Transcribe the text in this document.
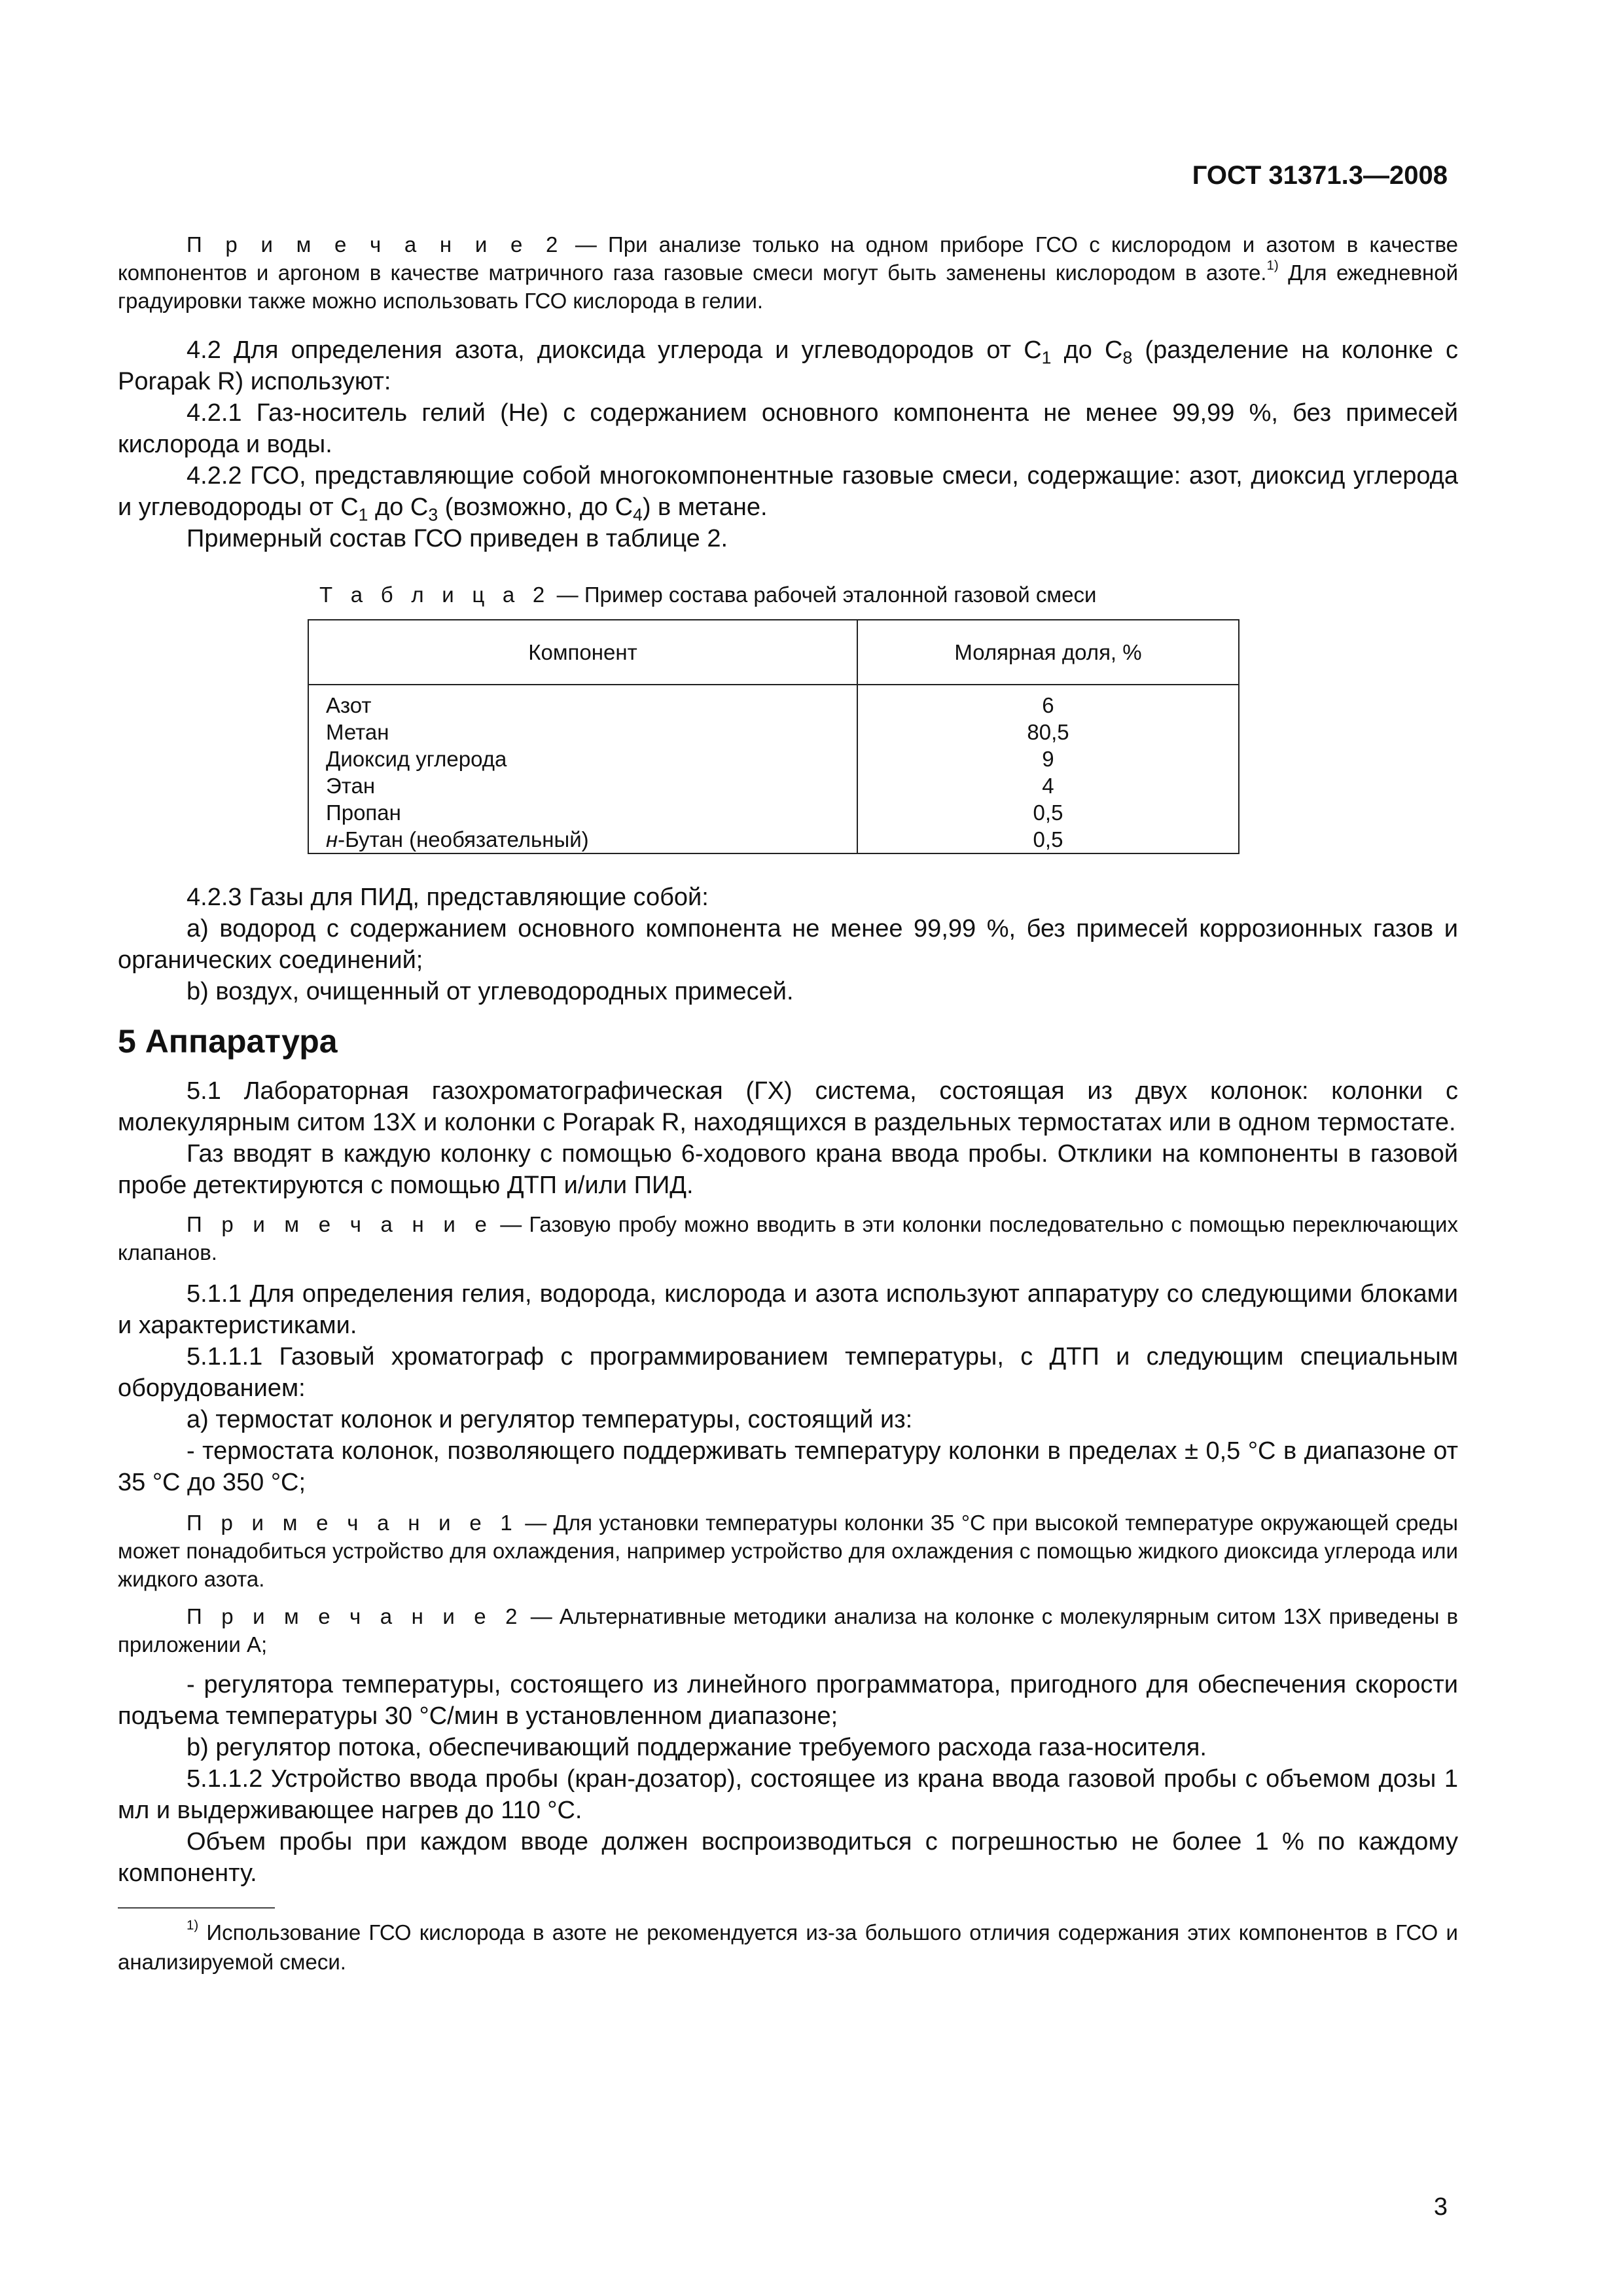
ГОСТ 31371.3—2008

П р и м е ч а н и е 2 — При анализе только на одном приборе ГСО с кислородом и азотом в качестве компонентов и аргоном в качестве матричного газа газовые смеси могут быть заменены кислородом в азоте.$^{1)}$ Для ежедневной градуировки также можно использовать ГСО кислорода в гелии.

4.2 Для определения азота, диоксида углерода и углеводородов от $C_1$ до $C_8$ (разделение на колонке с Porapak R) используют:

4.2.1 Газ-носитель гелий (He) с содержанием основного компонента не менее 99,99 %, без примесей кислорода и воды.

4.2.2 ГСО, представляющие собой многокомпонентные газовые смеси, содержащие: азот, диоксид углерода и углеводороды от $C_1$ до $C_3$ (возможно, до $C_4$) в метане.

Примерный состав ГСО приведен в таблице 2.

Т а б л и ц а 2 — Пример состава рабочей эталонной газовой смеси

Компонент	Молярная доля, %
Азот	6
Метан	80,5
Диоксид углерода	9
Этан	4
Пропан	0,5
н-Бутан (необязательный)	0,5

4.2.3 Газы для ПИД, представляющие собой:

a) водород с содержанием основного компонента не менее 99,99 %, без примесей коррозионных газов и органических соединений;

b) воздух, очищенный от углеводородных примесей.

5 Аппаратура

5.1 Лабораторная газохроматографическая (ГХ) система, состоящая из двух колонок: колонки с молекулярным ситом 13X и колонки с Porapak R, находящихся в раздельных термостатах или в одном термостате.

Газ вводят в каждую колонку с помощью 6-ходового крана ввода пробы. Отклики на компоненты в газовой пробе детектируются с помощью ДТП и/или ПИД.

П р и м е ч а н и е — Газовую пробу можно вводить в эти колонки последовательно с помощью переключающих клапанов.

5.1.1 Для определения гелия, водорода, кислорода и азота используют аппаратуру со следующими блоками и характеристиками.

5.1.1.1 Газовый хроматограф с программированием температуры, с ДТП и следующим специальным оборудованием:

a) термостат колонок и регулятор температуры, состоящий из:

- термостата колонок, позволяющего поддерживать температуру колонки в пределах ± 0,5 °C в диапазоне от 35 °C до 350 °C;

П р и м е ч а н и е 1 — Для установки температуры колонки 35 °C при высокой температуре окружающей среды может понадобиться устройство для охлаждения, например устройство для охлаждения с помощью жидкого диоксида углерода или жидкого азота.

П р и м е ч а н и е 2 — Альтернативные методики анализа на колонке с молекулярным ситом 13X приведены в приложении А;

- регулятора температуры, состоящего из линейного программатора, пригодного для обеспечения скорости подъема температуры 30 °C/мин в установленном диапазоне;

b) регулятор потока, обеспечивающий поддержание требуемого расхода газа-носителя.

5.1.1.2 Устройство ввода пробы (кран-дозатор), состоящее из крана ввода газовой пробы с объемом дозы 1 мл и выдерживающее нагрев до 110 °C.

Объем пробы при каждом вводе должен воспроизводиться с погрешностью не более 1 % по каждому компоненту.

$^{1)}$ Использование ГСО кислорода в азоте не рекомендуется из-за большого отличия содержания этих компонентов в ГСО и анализируемой смеси.

3
